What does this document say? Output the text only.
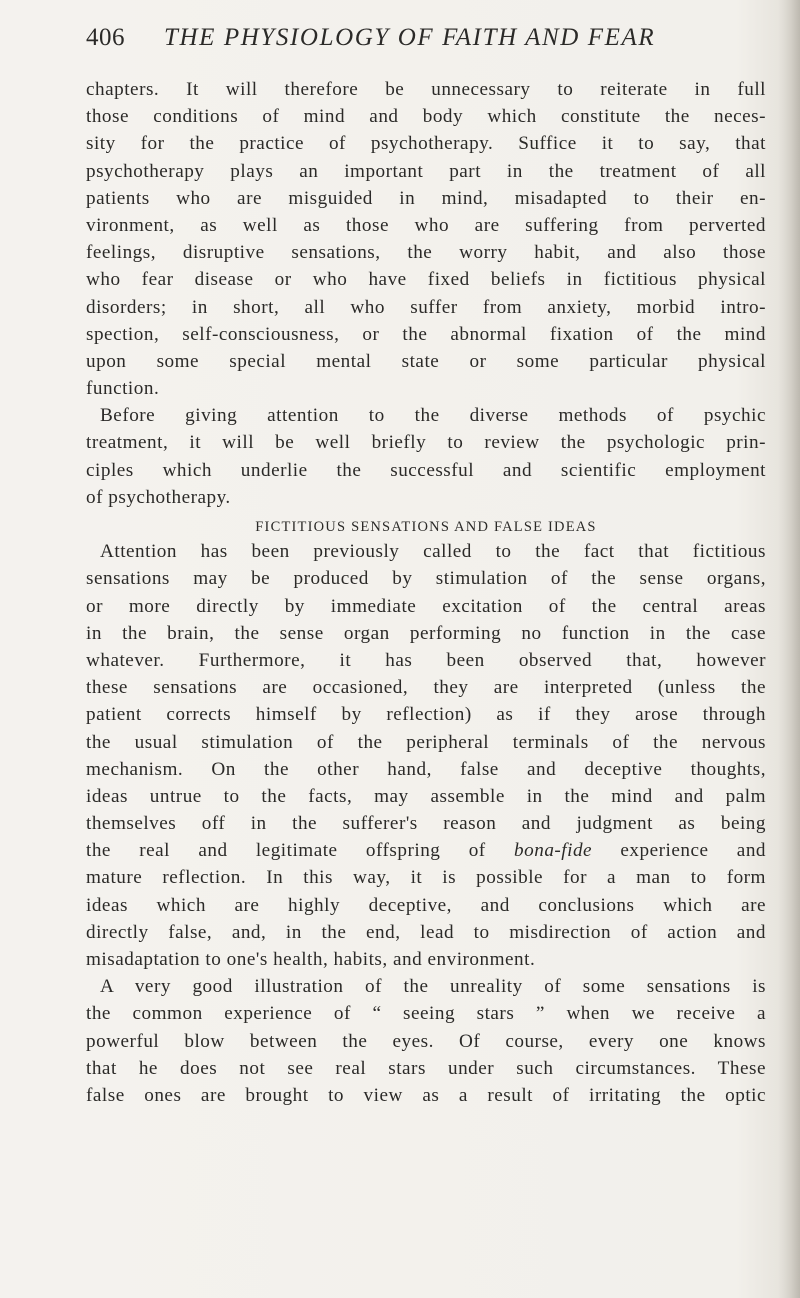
406 THE PHYSIOLOGY OF FAITH AND FEAR
chapters. It will therefore be unnecessary to reiterate in full
those conditions of mind and body which constitute the neces-
sity for the practice of psychotherapy. Suffice it to say, that
psychotherapy plays an important part in the treatment of all
patients who are misguided in mind, misadapted to their en-
vironment, as well as those who are suffering from perverted
feelings, disruptive sensations, the worry habit, and also those
who fear disease or who have fixed beliefs in fictitious physical
disorders; in short, all who suffer from anxiety, morbid intro-
spection, self-consciousness, or the abnormal fixation of the mind
upon some special mental state or some particular physical
function.
Before giving attention to the diverse methods of psychic
treatment, it will be well briefly to review the psychologic prin-
ciples which underlie the successful and scientific employment
of psychotherapy.
FICTITIOUS SENSATIONS AND FALSE IDEAS
Attention has been previously called to the fact that fictitious
sensations may be produced by stimulation of the sense organs,
or more directly by immediate excitation of the central areas
in the brain, the sense organ performing no function in the case
whatever. Furthermore, it has been observed that, however
these sensations are occasioned, they are interpreted (unless the
patient corrects himself by reflection) as if they arose through
the usual stimulation of the peripheral terminals of the nervous
mechanism. On the other hand, false and deceptive thoughts,
ideas untrue to the facts, may assemble in the mind and palm
themselves off in the sufferer's reason and judgment as being
the real and legitimate offspring of bona-fide experience and
mature reflection. In this way, it is possible for a man to form
ideas which are highly deceptive, and conclusions which are
directly false, and, in the end, lead to misdirection of action and
misadaptation to one's health, habits, and environment.
A very good illustration of the unreality of some sensations is
the common experience of “ seeing stars ” when we receive a
powerful blow between the eyes. Of course, every one knows
that he does not see real stars under such circumstances. These
false ones are brought to view as a result of irritating the optic
